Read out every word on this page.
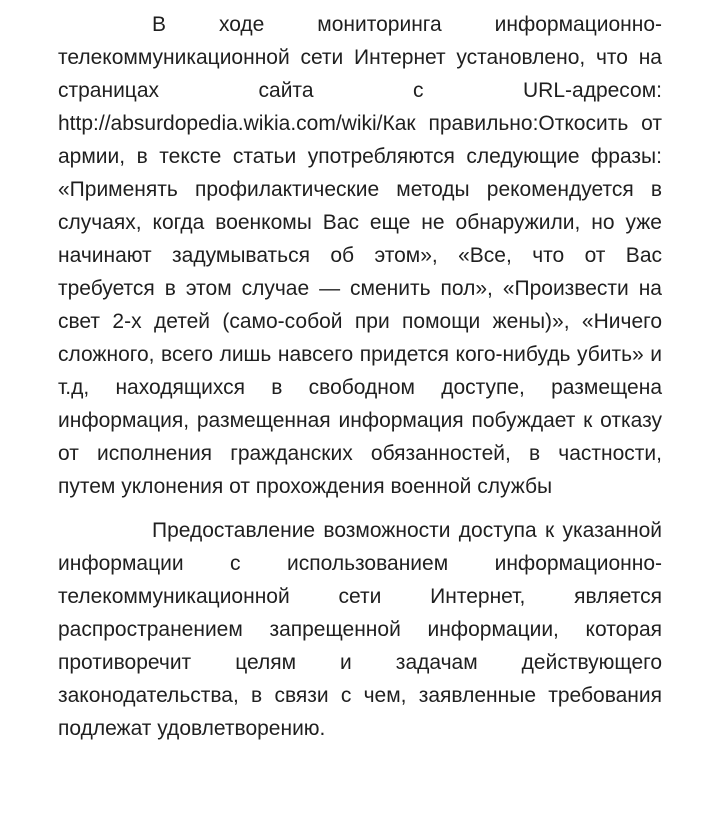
В ходе мониторинга информационно-телекоммуникационной сети Интернет установлено, что на страницах сайта с URL-адресом: http://absurdopedia.wikia.com/wiki/Как правильно:Откосить от армии, в тексте статьи употребляются следующие фразы: «Применять профилактические методы рекомендуется в случаях, когда военкомы Вас еще не обнаружили, но уже начинают задумываться об этом», «Все, что от Вас требуется в этом случае — сменить пол», «Произвести на свет 2-х детей (само-собой при помощи жены)», «Ничего сложного, всего лишь навсего придется кого-нибудь убить» и т.д, находящихся в свободном доступе, размещена информация, размещенная информация побуждает к отказу от исполнения гражданских обязанностей, в частности, путем уклонения от прохождения военной службы

Предоставление возможности доступа к указанной информации с использованием информационно-телекоммуникационной сети Интернет, является распространением запрещенной информации, которая противоречит целям и задачам действующего законодательства, в связи с чем, заявленные требования подлежат удовлетворению.
